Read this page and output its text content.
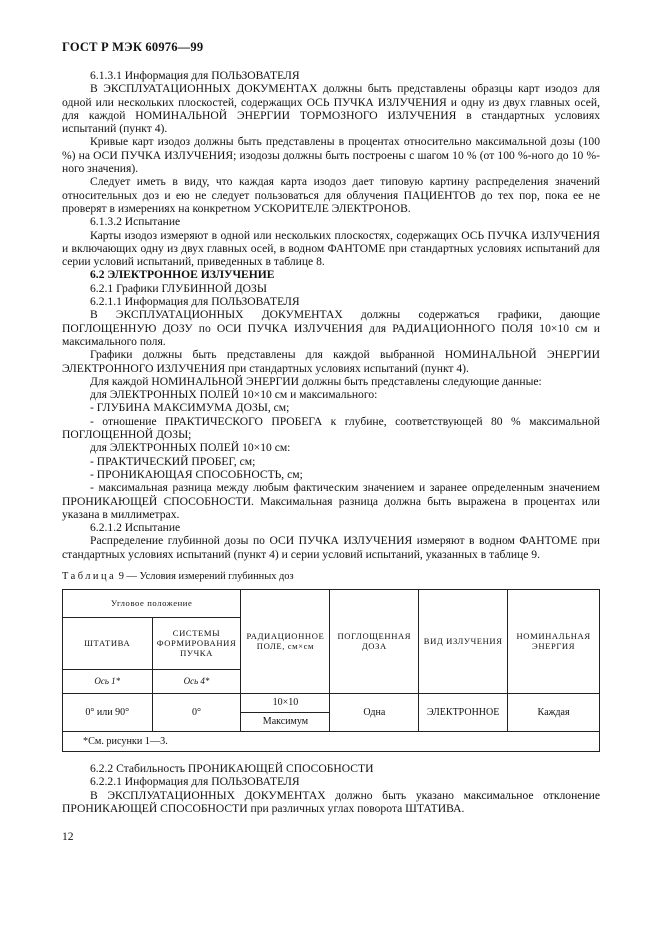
ГОСТ Р МЭК 60976—99

6.1.3.1 Информация для ПОЛЬЗОВАТЕЛЯ

В ЭКСПЛУАТАЦИОННЫХ ДОКУМЕНТАХ должны быть представлены образцы карт изодоз для одной или нескольких плоскостей, содержащих ОСЬ ПУЧКА ИЗЛУЧЕНИЯ и одну из двух главных осей, для каждой НОМИНАЛЬНОЙ ЭНЕРГИИ ТОРМОЗНОГО ИЗЛУЧЕНИЯ в стандартных условиях испытаний (пункт 4).

Кривые карт изодоз должны быть представлены в процентах относительно максимальной дозы (100 %) на ОСИ ПУЧКА ИЗЛУЧЕНИЯ; изодозы должны быть построены с шагом 10 % (от 100 %-ного до 10 %-ного значения).

Следует иметь в виду, что каждая карта изодоз дает типовую картину распределения значений относительных доз и ею не следует пользоваться для облучения ПАЦИЕНТОВ до тех пор, пока ее не проверят в измерениях на конкретном УСКОРИТЕЛЕ ЭЛЕКТРОНОВ.

6.1.3.2 Испытание

Карты изодоз измеряют в одной или нескольких плоскостях, содержащих ОСЬ ПУЧКА ИЗЛУЧЕНИЯ и включающих одну из двух главных осей, в водном ФАНТОМЕ при стандартных условиях испытаний для серии условий испытаний, приведенных в таблице 8.

6.2 ЭЛЕКТРОННОЕ ИЗЛУЧЕНИЕ

6.2.1 Графики ГЛУБИННОЙ ДОЗЫ

6.2.1.1 Информация для ПОЛЬЗОВАТЕЛЯ

В ЭКСПЛУАТАЦИОННЫХ ДОКУМЕНТАХ должны содержаться графики, дающие ПОГЛОЩЕННУЮ ДОЗУ по ОСИ ПУЧКА ИЗЛУЧЕНИЯ для РАДИАЦИОННОГО ПОЛЯ 10×10 см и максимального поля.

Графики должны быть представлены для каждой выбранной НОМИНАЛЬНОЙ ЭНЕРГИИ ЭЛЕКТРОННОГО ИЗЛУЧЕНИЯ при стандартных условиях испытаний (пункт 4).

Для каждой НОМИНАЛЬНОЙ ЭНЕРГИИ должны быть представлены следующие данные:

для ЭЛЕКТРОННЫХ ПОЛЕЙ 10×10 см и максимального:

- ГЛУБИНА МАКСИМУМА ДОЗЫ, см;

- отношение ПРАКТИЧЕСКОГО ПРОБЕГА к глубине, соответствующей 80 % максимальной ПОГЛОЩЕННОЙ ДОЗЫ;

для ЭЛЕКТРОННЫХ ПОЛЕЙ 10×10 см:

- ПРАКТИЧЕСКИЙ ПРОБЕГ, см;

- ПРОНИКАЮЩАЯ СПОСОБНОСТЬ, см;

- максимальная разница между любым фактическим значением и заранее определенным значением ПРОНИКАЮЩЕЙ СПОСОБНОСТИ. Максимальная разница должна быть выражена в процентах или указана в миллиметрах.

6.2.1.2 Испытание

Распределение глубинной дозы по ОСИ ПУЧКА ИЗЛУЧЕНИЯ измеряют в водном ФАНТОМЕ при стандартных условиях испытаний (пункт 4) и серии условий испытаний, указанных в таблице 9.

Таблица 9 — Условия измерений глубинных доз
Угловое положение		РАДИАЦИОННОЕ ПОЛЕ, см×см	ПОГЛОЩЕННАЯ ДОЗА	ВИД ИЗЛУЧЕНИЯ	НОМИНАЛЬНАЯ ЭНЕРГИЯ
ШТАТИВА	СИСТЕМЫ ФОРМИРОВАНИЯ ПУЧКА				
Ось 1*	Ось 4*				
0° или 90°	0°	10×10	Одна	ЭЛЕКТРОННОЕ	Каждая
		Максимум			
*См. рисунки 1—3.					

6.2.2 Стабильность ПРОНИКАЮЩЕЙ СПОСОБНОСТИ

6.2.2.1 Информация для ПОЛЬЗОВАТЕЛЯ

В ЭКСПЛУАТАЦИОННЫХ ДОКУМЕНТАХ должно быть указано максимальное отклонение ПРОНИКАЮЩЕЙ СПОСОБНОСТИ при различных углах поворота ШТАТИВА.

12
